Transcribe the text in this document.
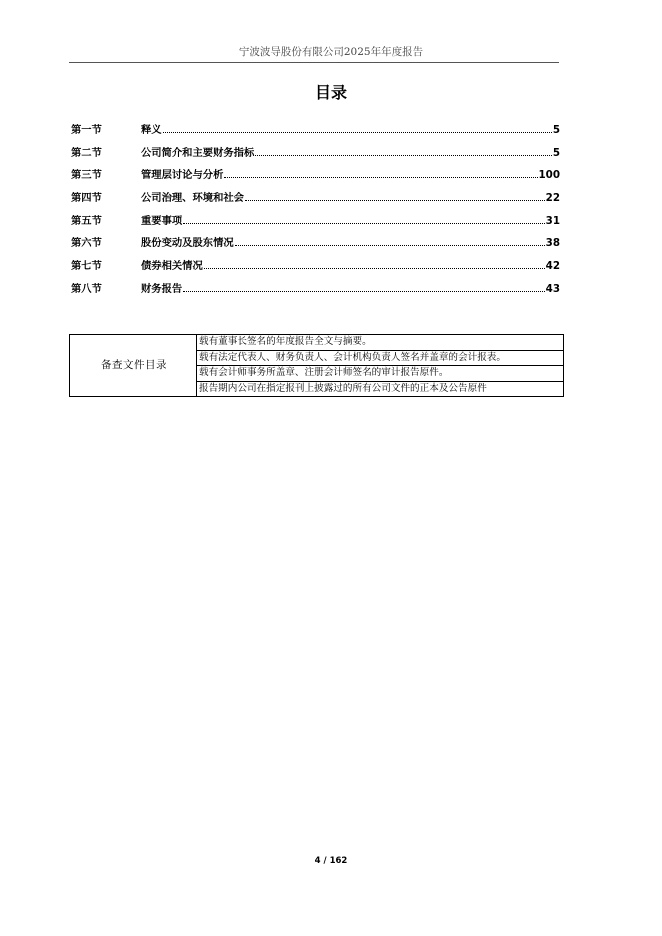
宁波波导股份有限公司2025年年度报告
目录
第一节	释义	5
第二节	公司简介和主要财务指标	5
第三节	管理层讨论与分析	100
第四节	公司治理、环境和社会	22
第五节	重要事项	31
第六节	股份变动及股东情况	38
第七节	债券相关情况	42
第八节	财务报告	43
备查文件目录	载有董事长签名的年度报告全文与摘要。
载有法定代表人、财务负责人、会计机构负责人签名并盖章的会计报表。
载有会计师事务所盖章、注册会计师签名的审计报告原件。
报告期内公司在指定报刊上披露过的所有公司文件的正本及公告原件
4 / 162
